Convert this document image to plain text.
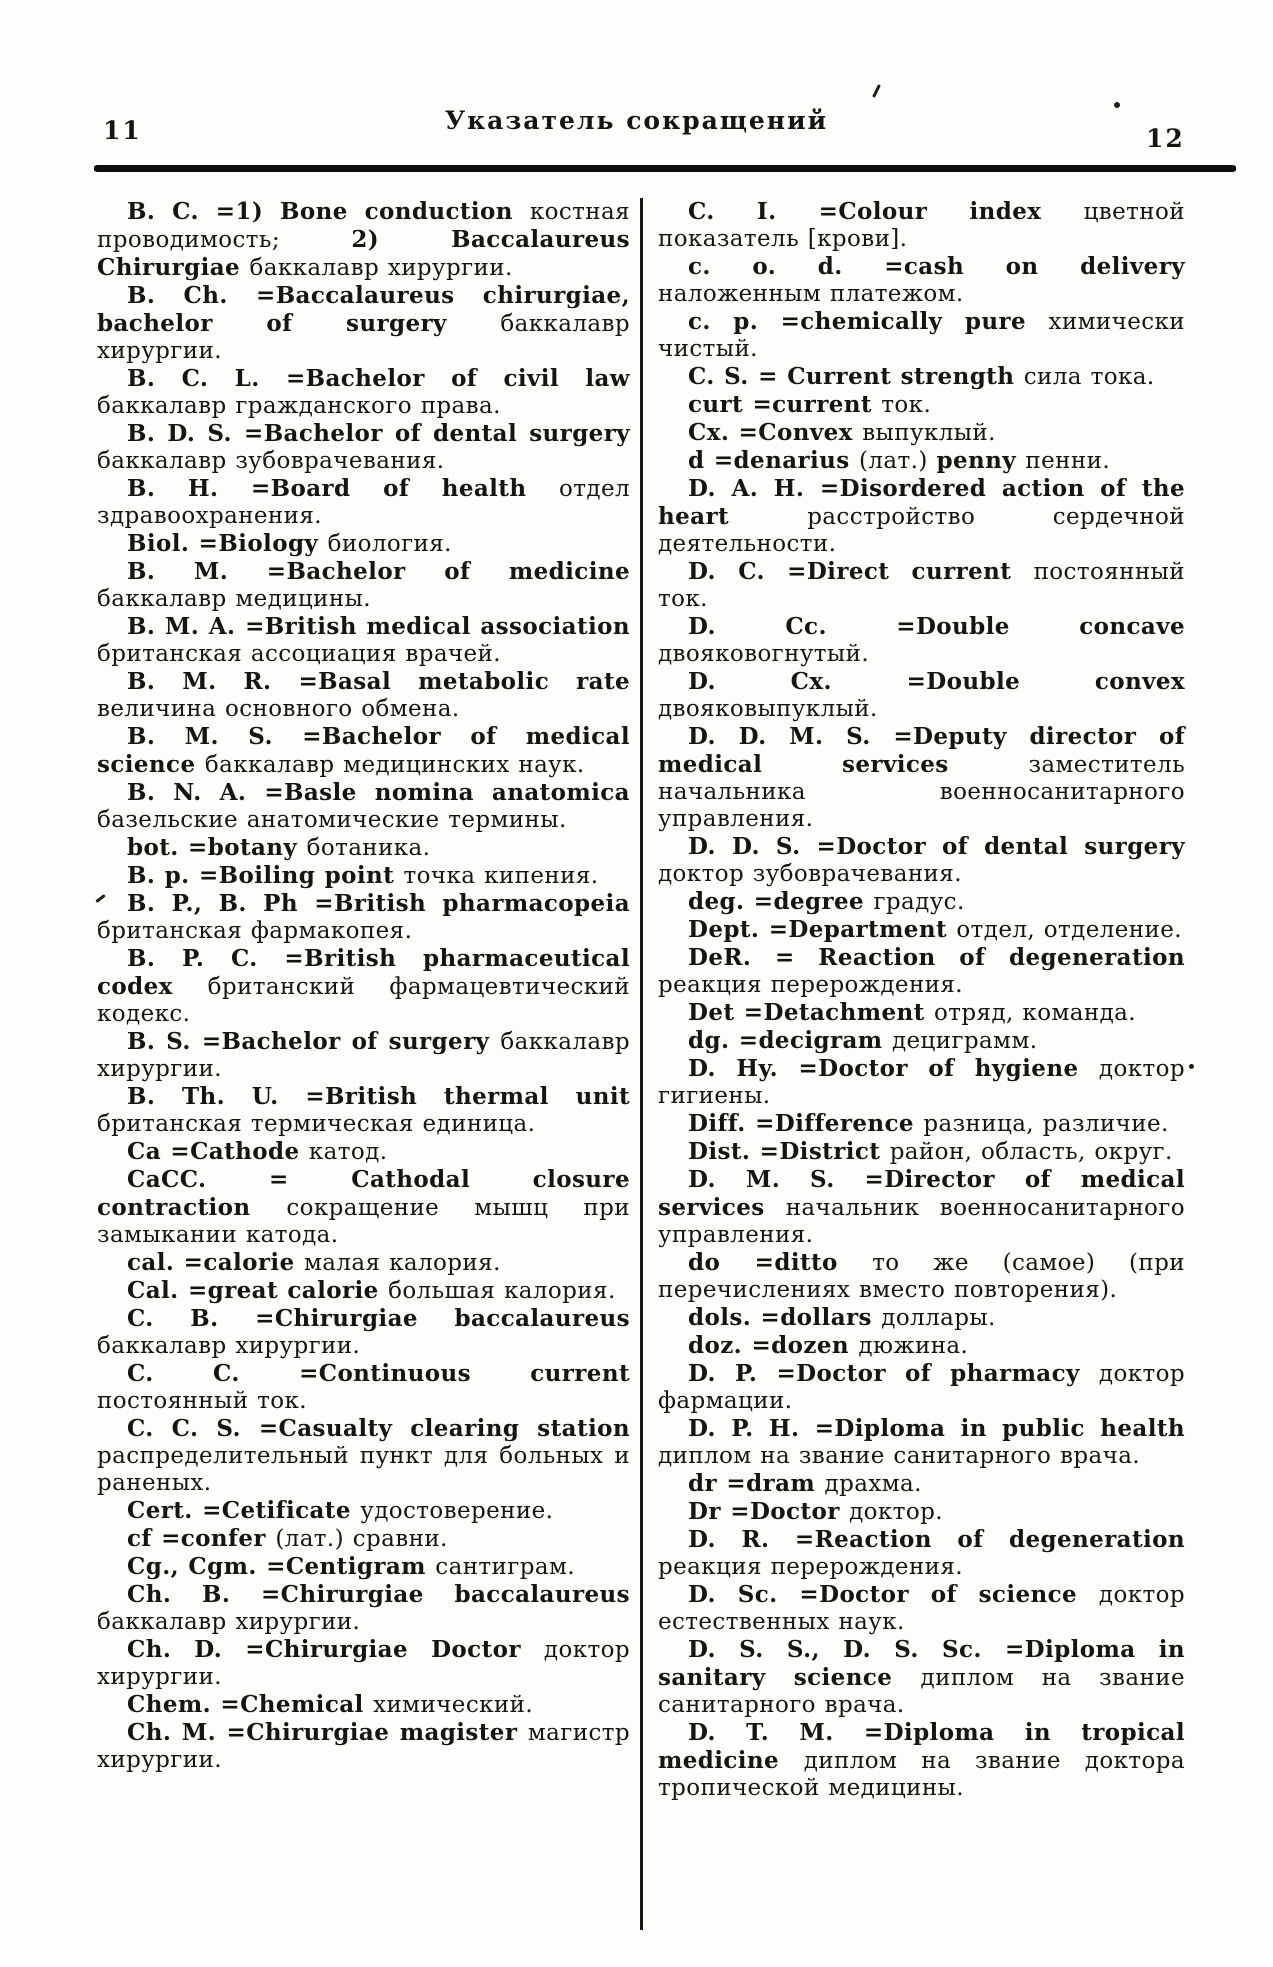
11	Указатель сокращений
12

B. C. =1) Bone conduction костная проводимость; 2) Baccalaureus Chirurgiae баккалавр хирургии.

B. Ch. =Baccalaureus chirurgiae, bachelor of surgery баккалавр хирургии.

B. C. L. =Bachelor of civil law баккалавр гражданского права.

B. D. S. =Bachelor of dental surgery баккалавр зубоврачевания.

B. H. =Board of health отдел здравоохранения.

Biol. =Biology биология.

B. M. =Bachelor of medicine баккалавр медицины.

B. M. A. =British medical association британская ассоциация врачей.

B. M. R. =Basal metabolic rate величина основного обмена.

B. M. S. =Bachelor of medical science баккалавр медицинских наук.

B. N. A. =Basle nomina anatomica базельские анатомические термины.

bot. =botany ботаника.

B. p. =Boiling point точка кипения.

B. P., B. Ph =British pharmacopeia британская фармакопея.

B. P. C. =British pharmaceutical codex британский фармацевтический кодекс.

B. S. =Bachelor of surgery баккалавр хирургии.

B. Th. U. =British thermal unit британская термическая единица.

Ca =Cathode катод.

CaCC. = Cathodal closure contraction сокращение мышц при замыкании катода.

cal. =calorie малая калория.

Cal. =great calorie большая калория.

C. B. =Chirurgiae baccalaureus баккалавр хирургии.

C. C. =Continuous current постоянный ток.

C. C. S. =Casualty clearing station распределительный пункт для больных и раненых.

Cert. =Cetificate удостоверение.

cf =confer (лат.) сравни.

Cg., Cgm. =Centigram сантиграм.

Ch. B. =Chirurgiae baccalaureus баккалавр хирургии.

Ch. D. =Chirurgiae Doctor доктор хирургии.

Chem. =Chemical химический.

Ch. M. =Chirurgiae magister магистр хирургии.

C. I. =Colour index цветной показатель [крови].

c. o. d. =cash on delivery наложенным платежом.

c. p. =chemically pure химически чистый.

C. S. = Current strength сила тока.

curt =current ток.

Cx. =Convex выпуклый.

d =denarius (лат.) penny пенни.

D. A. H. =Disordered action of the heart расстройство сердечной деятельности.

D. C. =Direct current постоянный ток.

D. Cc. =Double concave двояковогнутый.

D. Cx. =Double convex двояковыпуклый.

D. D. M. S. =Deputy director of medical services заместитель начальника военносанитарного управления.

D. D. S. =Doctor of dental surgery доктор зубоврачевания.

deg. =degree градус.

Dept. =Department отдел, отделение.

DeR. = Reaction of degeneration реакция перерождения.

Det =Detachment отряд, команда.

dg. =decigram дециграмм.

D. Hy. =Doctor of hygiene доктор гигиены.

Diff. =Difference разница, различие.

Dist. =District район, область, округ.

D. M. S. =Director of medical services начальник военносанитарного управления.

do =ditto то же (самое) (при перечислениях вместо повторения).

dols. =dollars доллары.

doz. =dozen дюжина.

D. P. =Doctor of pharmacy доктор фармации.

D. P. H. =Diploma in public health диплом на звание санитарного врача.

dr =dram драхма.

Dr =Doctor доктор.

D. R. =Reaction of degeneration реакция перерождения.

D. Sc. =Doctor of science доктор естественных наук.

D. S. S., D. S. Sc. =Diploma in sanitary science диплом на звание санитарного врача.

D. T. M. =Diploma in tropical medicine диплом на звание доктора тропической медицины.
